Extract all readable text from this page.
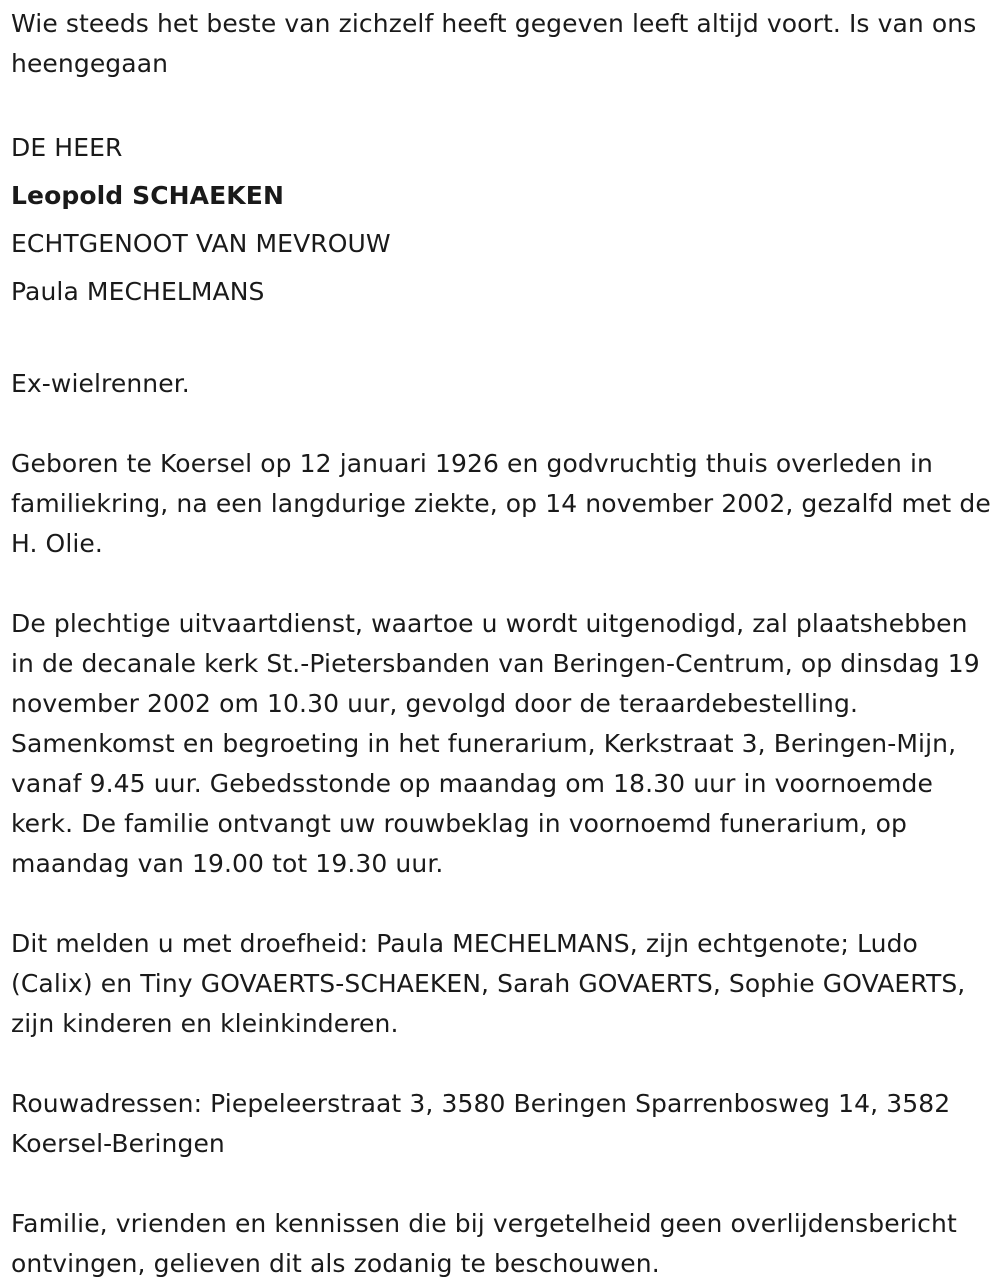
Wie steeds het beste van zichzelf heeft gegeven leeft altijd voort. Is van ons heengegaan

DE HEER

Leopold SCHAEKEN

ECHTGENOOT VAN MEVROUW

Paula MECHELMANS

Ex-wielrenner.

Geboren te Koersel op 12 januari 1926 en godvruchtig thuis overleden in familiekring, na een langdurige ziekte, op 14 november 2002, gezalfd met de H. Olie.

De plechtige uitvaartdienst, waartoe u wordt uitgenodigd, zal plaatshebben in de decanale kerk St.-Pietersbanden van Beringen-Centrum, op dinsdag 19 november 2002 om 10.30 uur, gevolgd door de teraardebestelling. Samenkomst en begroeting in het funerarium, Kerkstraat 3, Beringen-Mijn, vanaf 9.45 uur. Gebedsstonde op maandag om 18.30 uur in voornoemde kerk. De familie ontvangt uw rouwbeklag in voornoemd funerarium, op maandag van 19.00 tot 19.30 uur.

Dit melden u met droefheid: Paula MECHELMANS, zijn echtgenote; Ludo (Calix) en Tiny GOVAERTS-SCHAEKEN, Sarah GOVAERTS, Sophie GOVAERTS, zijn kinderen en kleinkinderen.

Rouwadressen: Piepeleerstraat 3, 3580 Beringen Sparrenbosweg 14, 3582 Koersel-Beringen

Familie, vrienden en kennissen die bij vergetelheid geen overlijdensbericht ontvingen, gelieven dit als zodanig te beschouwen.
